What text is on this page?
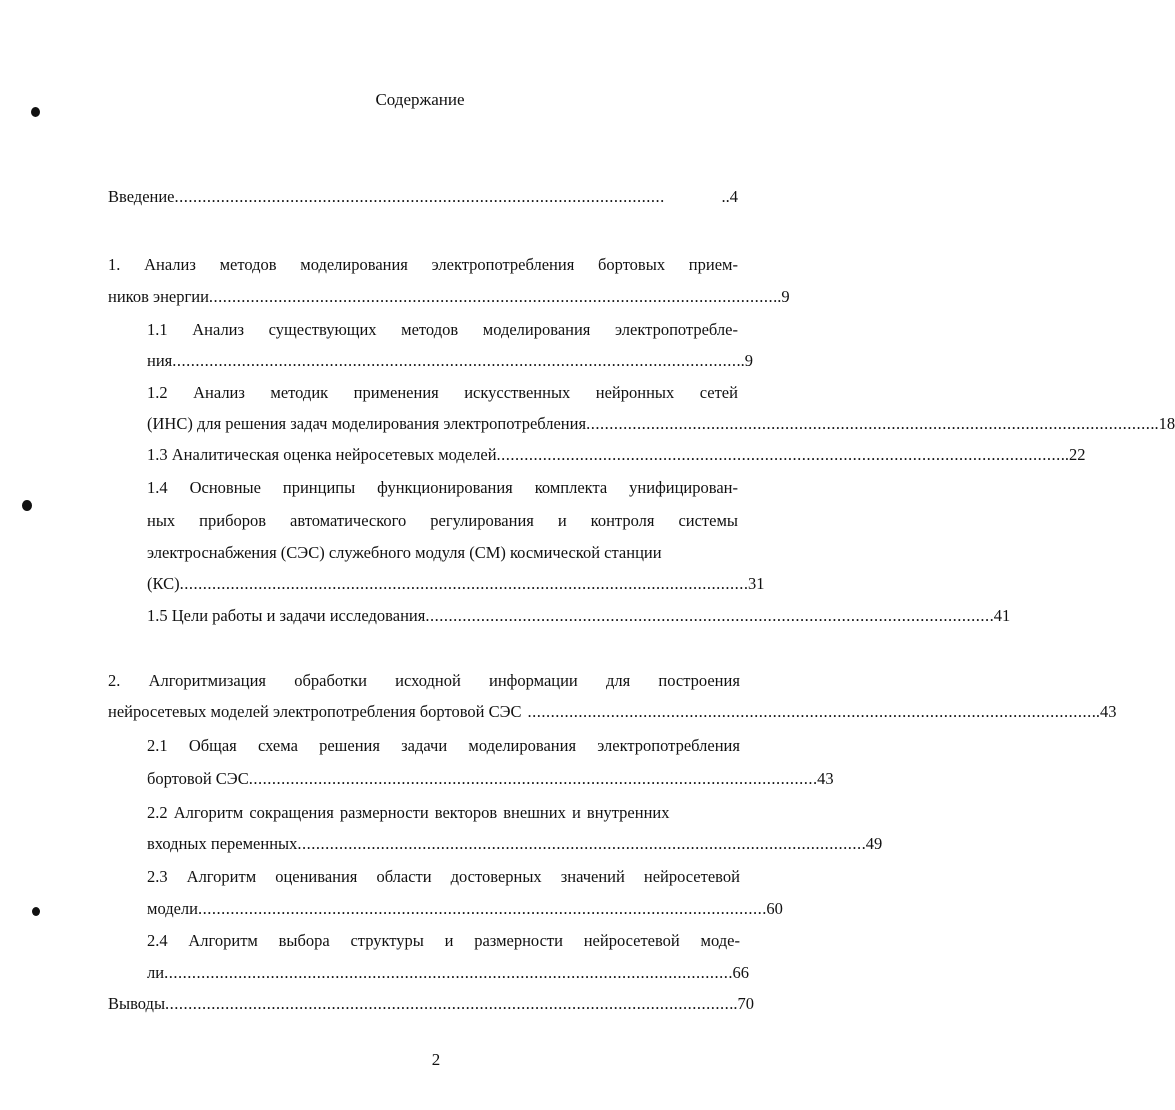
Содержание
Введение ..........................................................................................................	..4
1. Анализ методов моделирования электропотребления бортовых прием-
ников энергии .......................................................................................................................... ..9
1.1 Анализ существующих методов моделирования электропотребле-
ния .......................................................................................................................... ..9
1.2 Анализ методик применения искусственных нейронных сетей
(ИНС) для решения задач моделирования электропотребления .......................................................................................................................... ..18
1.3 Аналитическая оценка нейросетевых моделей .......................................................................................................................... ..22
1.4 Основные принципы функционирования комплекта унифицирован-
ных приборов автоматического регулирования и контроля системы
электроснабжения (СЭС) служебного модуля (СМ) космической станции
(КС) .......................................................................................................................... .31
1.5 Цели работы и задачи исследования .......................................................................................................................... .41
2. Алгоритмизация обработки исходной информации для построения
нейросетевых моделей электропотребления бортовой СЭС .......................................................................................................................... ..43
2.1 Общая схема решения задачи моделирования электропотребления
бортовой СЭС .......................................................................................................................... .43
2.2 Алгоритм сокращения размерности векторов внешних и внутренних
входных переменных .......................................................................................................................... .49
2.3 Алгоритм оценивания области достоверных значений нейросетевой
модели .......................................................................................................................... .60
2.4 Алгоритм выбора структуры и размерности нейросетевой моде-
ли .......................................................................................................................... .66
Выводы .......................................................................................................................... ..70
2
